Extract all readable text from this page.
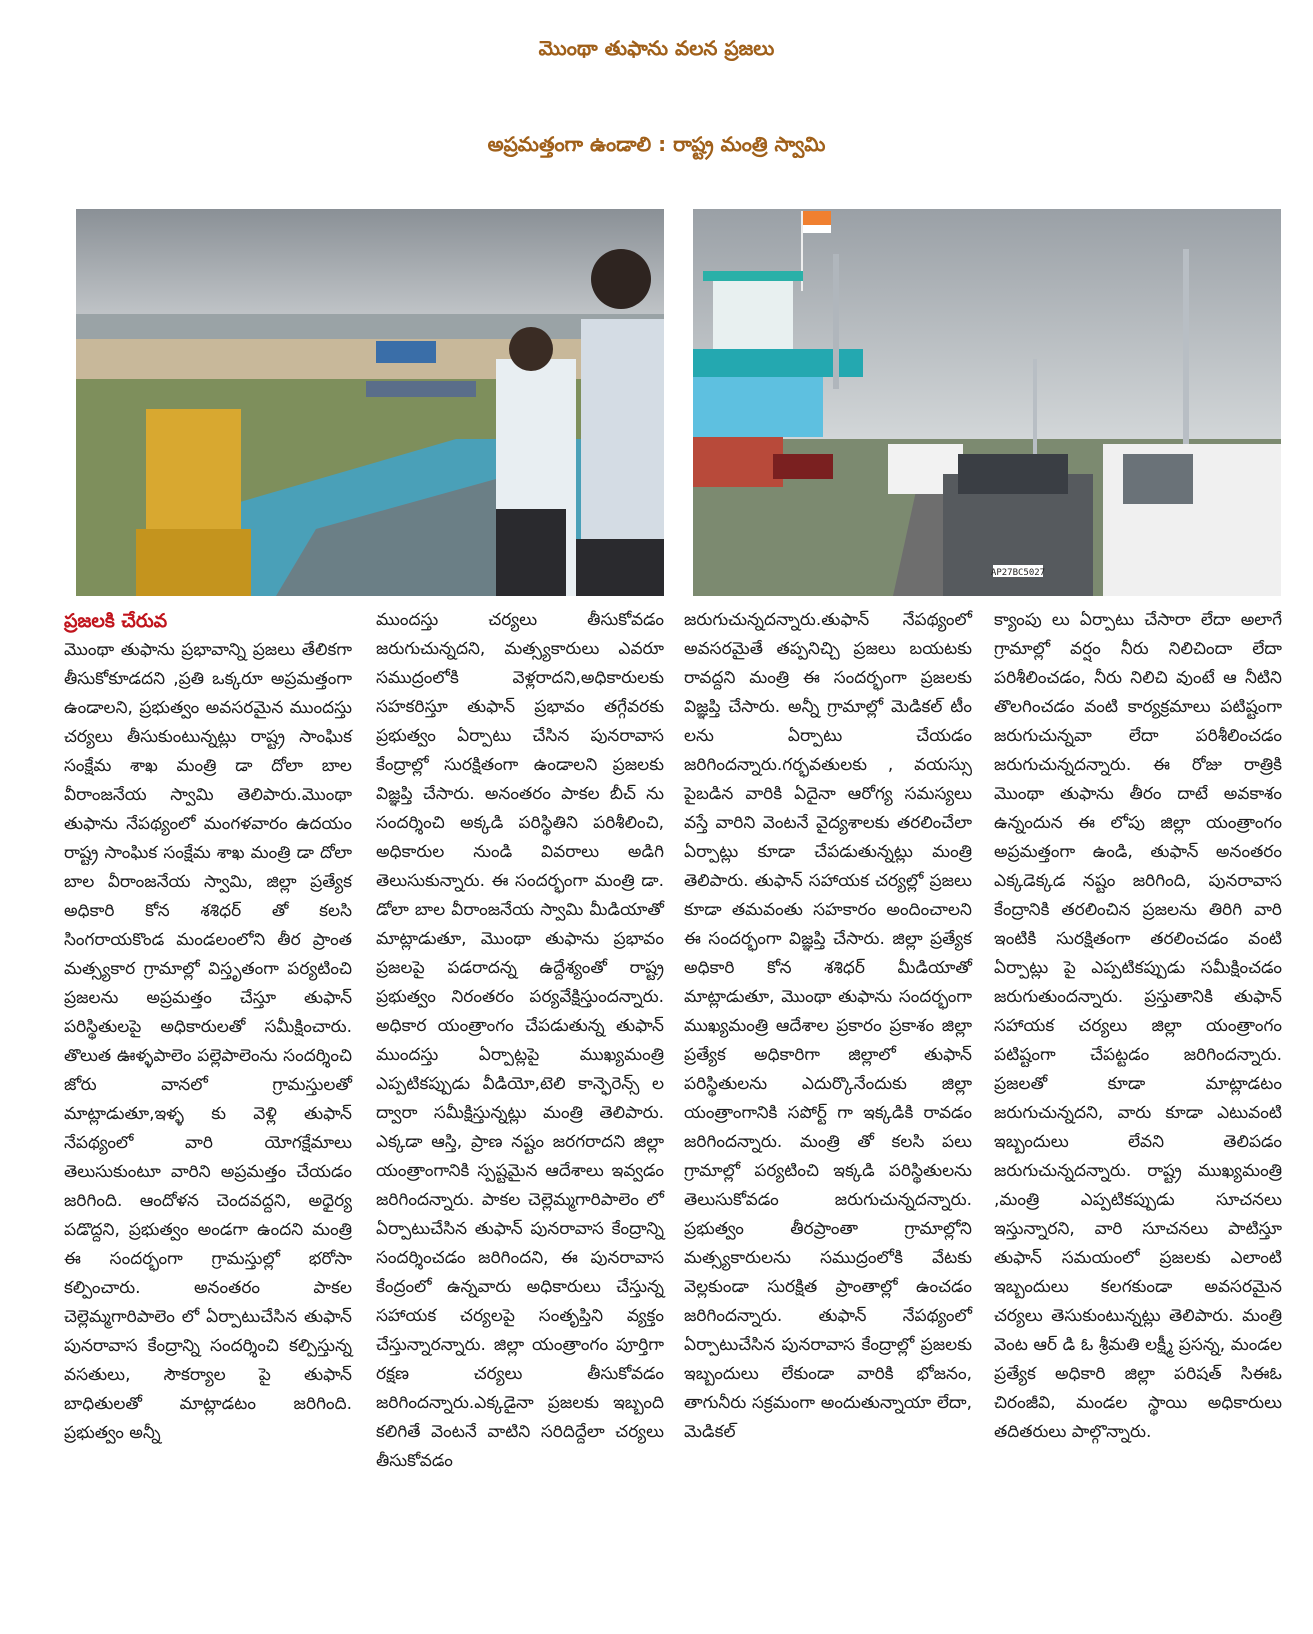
మొంథా తుఫాను వలన ప్రజలు
అప్రమత్తంగా ఉండాలి : రాష్ట్ర మంత్రి స్వామి
AP27BC5027
ప్రజలకి చేరువ

మొంథా తుఫాను ప్రభావాన్ని ప్రజలు తేలికగా తీసుకోకూడదని ,ప్రతి ఒక్కరూ అప్రమత్తంగా ఉండాలని, ప్రభుత్వం అవసరమైన ముందస్తు చర్యలు తీసుకుంటున్నట్లు రాష్ట్ర సాంఘిక సంక్షేమ శాఖ మంత్రి డా దోలా బాల వీరాంజనేయ స్వామి తెలిపారు.మొంథా తుఫాను నేపథ్యంలో మంగళవారం ఉదయం రాష్ట్ర సాంఘిక సంక్షేమ శాఖ మంత్రి డా దోలా బాల వీరాంజనేయ స్వామి, జిల్లా ప్రత్యేక అధికారి కోన శశిధర్ తో కలసి సింగరాయకొండ మండలంలోని తీర ప్రాంత మత్స్యకార గ్రామాల్లో విస్తృతంగా పర్యటించి ప్రజలను అప్రమత్తం చేస్తూ తుఫాన్ పరిస్థితులపై అధికారులతో సమీక్షించారు. తొలుత ఊళ్ళపాలెం పల్లెపాలెంను సందర్శించి జోరు వానలో గ్రామస్తులతో మాట్లాడుతూ,ఇళ్ళ కు వెళ్లి తుఫాన్ నేపథ్యంలో వారి యోగక్షేమాలు తెలుసుకుంటూ వారిని అప్రమత్తం చేయడం జరిగింది. ఆందోళన చెందవద్దని, అధైర్య పడొద్దని, ప్రభుత్వం అండగా ఉందని మంత్రి ఈ సందర్భంగా గ్రామస్తుల్లో భరోసా కల్పించారు. అనంతరం పాకల చెల్లెమ్మగారిపాలెం లో ఏర్పాటుచేసిన తుఫాన్ పునరావాస కేంద్రాన్ని సందర్శించి కల్పిస్తున్న వసతులు, సౌకర్యాల పై తుఫాన్ బాధితులతో మాట్లాడటం జరిగింది. ప్రభుత్వం అన్నీ

ముందస్తు చర్యలు తీసుకోవడం జరుగుచున్నదని, మత్స్యకారులు ఎవరూ సముద్రంలోకి వెళ్లరాదని,అధికారులకు సహకరిస్తూ తుఫాన్ ప్రభావం తగ్గేవరకు ప్రభుత్వం ఏర్పాటు చేసిన పునరావాస కేంద్రాల్లో సురక్షితంగా ఉండాలని ప్రజలకు విజ్ఞప్తి చేసారు. అనంతరం పాకల బీచ్ ను సందర్శించి అక్కడి పరిస్థితిని పరిశీలించి, అధికారుల నుండి వివరాలు అడిగి తెలుసుకున్నారు. ఈ సందర్భంగా మంత్రి డా. డోలా బాల వీరాంజనేయ స్వామి మీడియాతో మాట్లాడుతూ, మొంథా తుఫాను ప్రభావం ప్రజలపై పడరాదన్న ఉద్దేశ్యంతో రాష్ట్ర ప్రభుత్వం నిరంతరం పర్యవేక్షిస్తుందన్నారు. అధికార యంత్రాంగం చేపడుతున్న తుఫాన్ ముందస్తు ఏర్పాట్లపై ముఖ్యమంత్రి ఎప్పటికప్పుడు వీడియో,టెలి కాన్ఫెరెన్స్ ల ద్వారా సమీక్షిస్తున్నట్లు మంత్రి తెలిపారు. ఎక్కడా ఆస్తి, ప్రాణ నష్టం జరగరాదని జిల్లా యంత్రాంగానికి స్పష్టమైన ఆదేశాలు ఇవ్వడం జరిగిందన్నారు. పాకల చెల్లెమ్మగారిపాలెం లో ఏర్పాటుచేసిన తుఫాన్ పునరావాస కేంద్రాన్ని సందర్శించడం జరిగిందని, ఈ పునరావాస కేంద్రంలో ఉన్నవారు అధికారులు చేస్తున్న సహాయక చర్యలపై సంతృప్తిని వ్యక్తం చేస్తున్నారన్నారు. జిల్లా యంత్రాంగం పూర్తిగా రక్షణ చర్యలు తీసుకోవడం జరిగిందన్నారు.ఎక్కడైనా ప్రజలకు ఇబ్బంది కలిగితే వెంటనే వాటిని సరిదిద్దేలా చర్యలు తీసుకోవడం

జరుగుచున్నదన్నారు.తుఫాన్ నేపథ్యంలో అవసరమైతే తప్పనిచ్చి ప్రజలు బయటకు రావద్దని మంత్రి ఈ సందర్భంగా ప్రజలకు విజ్ఞప్తి చేసారు. అన్నీ గ్రామాల్లో మెడికల్ టీం లను ఏర్పాటు చేయడం జరిగిందన్నారు.గర్భవతులకు , వయస్సు పైబడిన వారికి ఏదైనా ఆరోగ్య సమస్యలు వస్తే వారిని వెంటనే వైద్యశాలకు తరలించేలా ఏర్పాట్లు కూడా చేపడుతున్నట్లు మంత్రి తెలిపారు. తుఫాన్ సహాయక చర్యల్లో ప్రజలు కూడా తమవంతు సహకారం అందించాలని ఈ సందర్భంగా విజ్ఞప్తి చేసారు. జిల్లా ప్రత్యేక అధికారి కోన శశిధర్ మీడియాతో మాట్లాడుతూ, మొంథా తుఫాను సందర్భంగా ముఖ్యమంత్రి ఆదేశాల ప్రకారం ప్రకాశం జిల్లా ప్రత్యేక అధికారిగా జిల్లాలో తుఫాన్ పరిస్థితులను ఎదుర్కొనేందుకు జిల్లా యంత్రాంగానికి సపోర్ట్ గా ఇక్కడికి రావడం జరిగిందన్నారు. మంత్రి తో కలసి పలు గ్రామాల్లో పర్యటించి ఇక్కడి పరిస్థితులను తెలుసుకోవడం జరుగుచున్నదన్నారు. ప్రభుత్వం తీరప్రాంతా గ్రామాల్లోని మత్స్యకారులను సముద్రంలోకి వేటకు వెల్లకుండా సురక్షిత ప్రాంతాల్లో ఉంచడం జరిగిందన్నారు. తుఫాన్ నేపథ్యంలో ఏర్పాటుచేసిన పునరావాస కేంద్రాల్లో ప్రజలకు ఇబ్బందులు లేకుండా వారికి భోజనం, తాగునీరు సక్రమంగా అందుతున్నాయా లేదా, మెడికల్

క్యాంపు లు ఏర్పాటు చేసారా లేదా అలాగే గ్రామాల్లో వర్షం నీరు నిలిచిందా లేదా పరిశీలించడం, నీరు నిలిచి వుంటే ఆ నీటిని తొలగించడం వంటి కార్యక్రమాలు పటిష్టంగా జరుగుచున్నవా లేదా పరిశీలించడం జరుగుచున్నదన్నారు. ఈ రోజు రాత్రికి మొంథా తుఫాను తీరం దాటే అవకాశం ఉన్నందున ఈ లోపు జిల్లా యంత్రాంగం అప్రమత్తంగా ఉండి, తుఫాన్ అనంతరం ఎక్కడెక్కడ నష్టం జరిగింది, పునరావాస కేంద్రానికి తరలించిన ప్రజలను తిరిగి వారి ఇంటికి సురక్షితంగా తరలించడం వంటి ఏర్పాట్లు పై ఎప్పటికప్పుడు సమీక్షించడం జరుగుతుందన్నారు. ప్రస్తుతానికి తుఫాన్ సహాయక చర్యలు జిల్లా యంత్రాంగం పటిష్టంగా చేపట్టడం జరిగిందన్నారు. ప్రజలతో కూడా మాట్లాడటం జరుగుచున్నదని, వారు కూడా ఎటువంటి ఇబ్బందులు లేవని తెలిపడం జరుగుచున్నదన్నారు. రాష్ట్ర ముఖ్యమంత్రి ,మంత్రి ఎప్పటికప్పుడు సూచనలు ఇస్తున్నారని, వారి సూచనలు పాటిస్తూ తుఫాన్ సమయంలో ప్రజలకు ఎలాంటి ఇబ్బందులు కలగకుండా అవసరమైన చర్యలు తెసుకుంటున్నట్లు తెలిపారు. మంత్రి వెంట ఆర్ డి ఓ శ్రీమతి లక్ష్మీ ప్రసన్న, మండల ప్రత్యేక అధికారి జిల్లా పరిషత్ సిఈఓ చిరంజీవి, మండల స్థాయి అధికారులు తదితరులు పాల్గొన్నారు.
